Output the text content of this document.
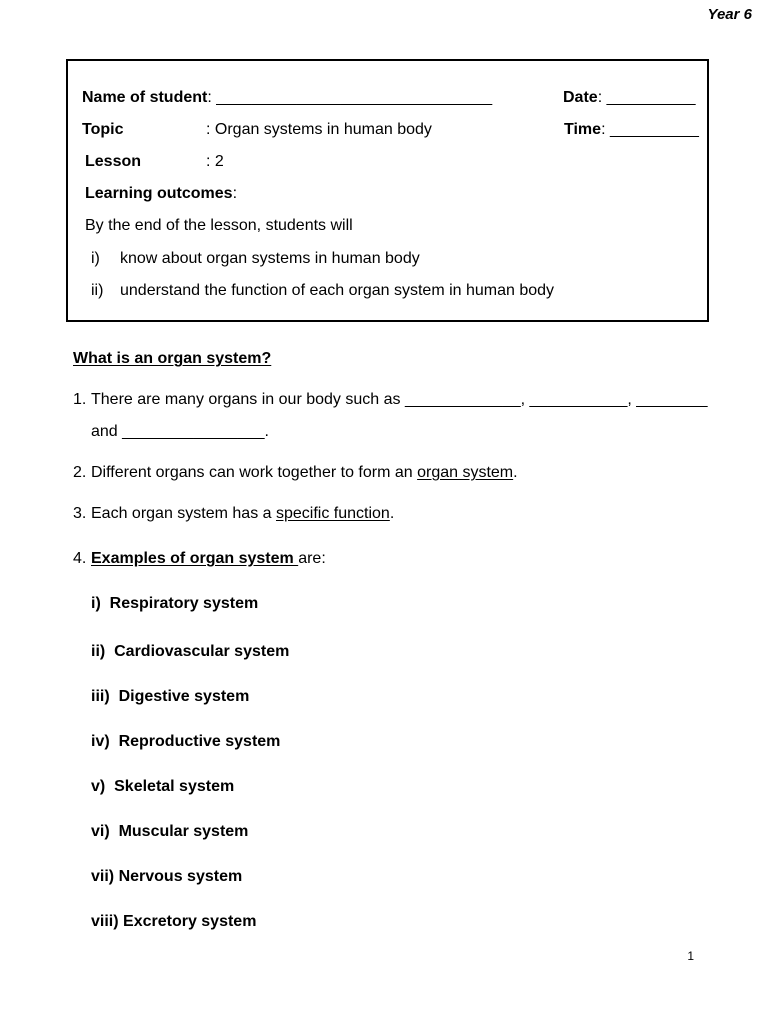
Year 6
Name of student: _______________________________	Date: __________
Topic	: Organ systems in human body	Time: __________
Lesson	: 2
Learning outcomes:
By the end of the lesson, students will
i) know about organ systems in human body
ii) understand the function of each organ system in human body
What is an organ system?
1. There are many organs in our body such as _____________, ___________, ________
and ________________.
2. Different organs can work together to form an organ system.
3. Each organ system has a specific function.
4. Examples of organ system are:
i) Respiratory system
ii) Cardiovascular system
iii) Digestive system
iv) Reproductive system
v) Skeletal system
vi) Muscular system
vii) Nervous system
viii) Excretory system
1
